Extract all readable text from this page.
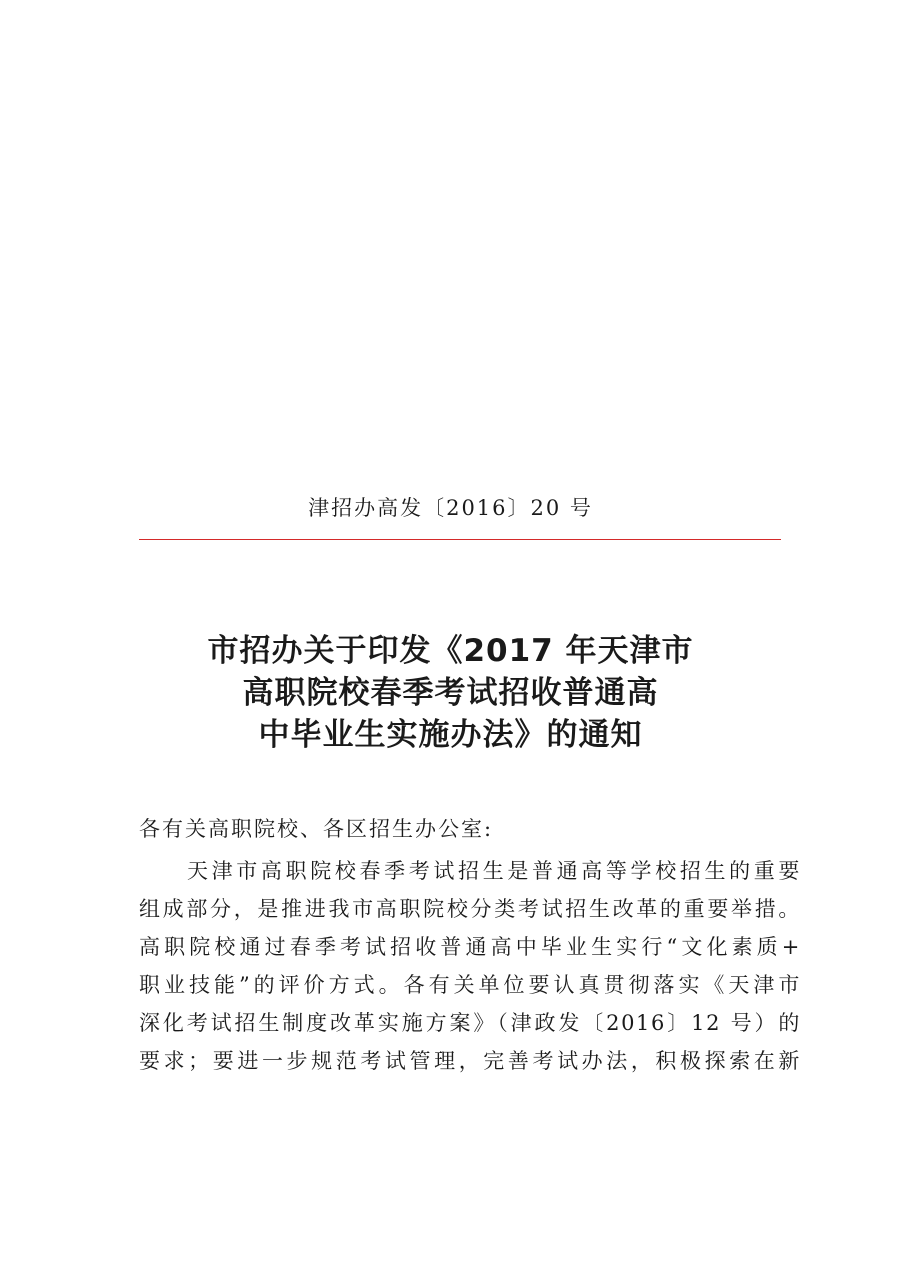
津招办高发〔2016〕20 号
市招办关于印发《2017 年天津市
高职院校春季考试招收普通高
中毕业生实施办法》的通知
各有关高职院校、各区招生办公室:
天津市高职院校春季考试招生是普通高等学校招生的重要
组成部分，是推进我市高职院校分类考试招生改革的重要举措。
高职院校通过春季考试招收普通高中毕业生实行“文化素质+
职业技能”的评价方式。各有关单位要认真贯彻落实《天津市
深化考试招生制度改革实施方案》（津政发〔2016〕12 号）的
要求；要进一步规范考试管理，完善考试办法，积极探索在新
